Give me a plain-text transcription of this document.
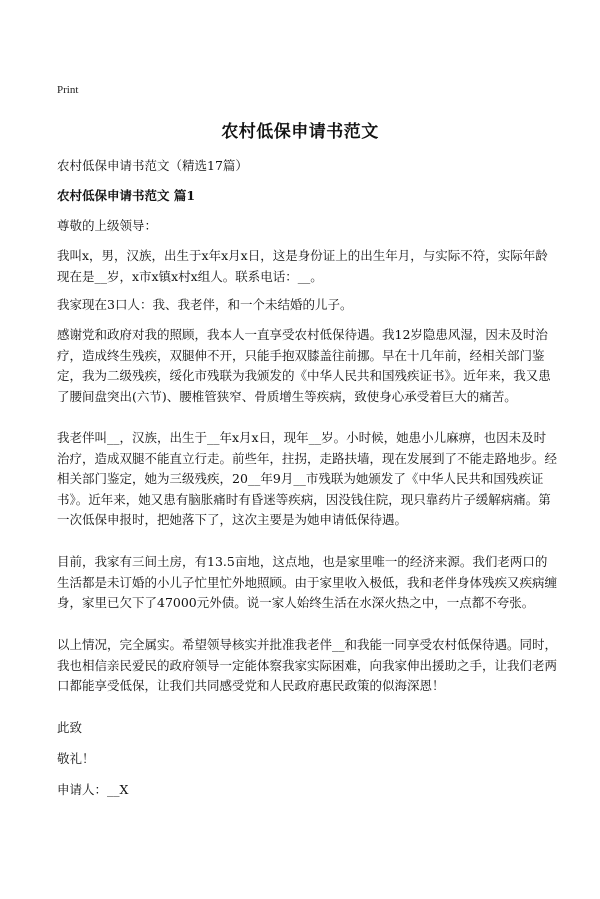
Print
农村低保申请书范文
农村低保申请书范文（精选17篇）
农村低保申请书范文 篇1
尊敬的上级领导：
我叫x，男，汉族，出生于x年x月x日，这是身份证上的出生年月，与实际不符，实际年龄现在是__岁，x市x镇x村x组人。联系电话：__。
我家现在3口人：我、我老伴，和一个未结婚的儿子。
感谢党和政府对我的照顾，我本人一直享受农村低保待遇。我12岁隐患风湿，因未及时治疗，造成终生残疾，双腿伸不开，只能手抱双膝盖往前挪。早在十几年前，经相关部门鉴定，我为二级残疾，绥化市残联为我颁发的《中华人民共和国残疾证书》。近年来，我又患了腰间盘突出(六节)、腰椎管狭窄、骨质增生等疾病，致使身心承受着巨大的痛苦。
我老伴叫__，汉族，出生于__年x月x日，现年__岁。小时候，她患小儿麻痹，也因未及时治疗，造成双腿不能直立行走。前些年，拄拐，走路扶墙，现在发展到了不能走路地步。经相关部门鉴定，她为三级残疾，20__年9月__市残联为她颁发了《中华人民共和国残疾证书》。近年来，她又患有脑胀痛时有昏迷等疾病，因没钱住院，现只靠药片子缓解病痛。第一次低保申报时，把她落下了，这次主要是为她申请低保待遇。
目前，我家有三间土房，有13.5亩地，这点地，也是家里唯一的经济来源。我们老两口的生活都是未订婚的小儿子忙里忙外地照顾。由于家里收入极低，我和老伴身体残疾又疾病缠身，家里已欠下了47000元外债。说一家人始终生活在水深火热之中，一点都不夸张。
以上情况，完全属实。希望领导核实并批准我老伴__和我能一同享受农村低保待遇。同时，我也相信亲民爱民的政府领导一定能体察我家实际困难，向我家伸出援助之手，让我们老两口都能享受低保，让我们共同感受党和人民政府惠民政策的似海深恩！
此致
敬礼！
申请人：__X
